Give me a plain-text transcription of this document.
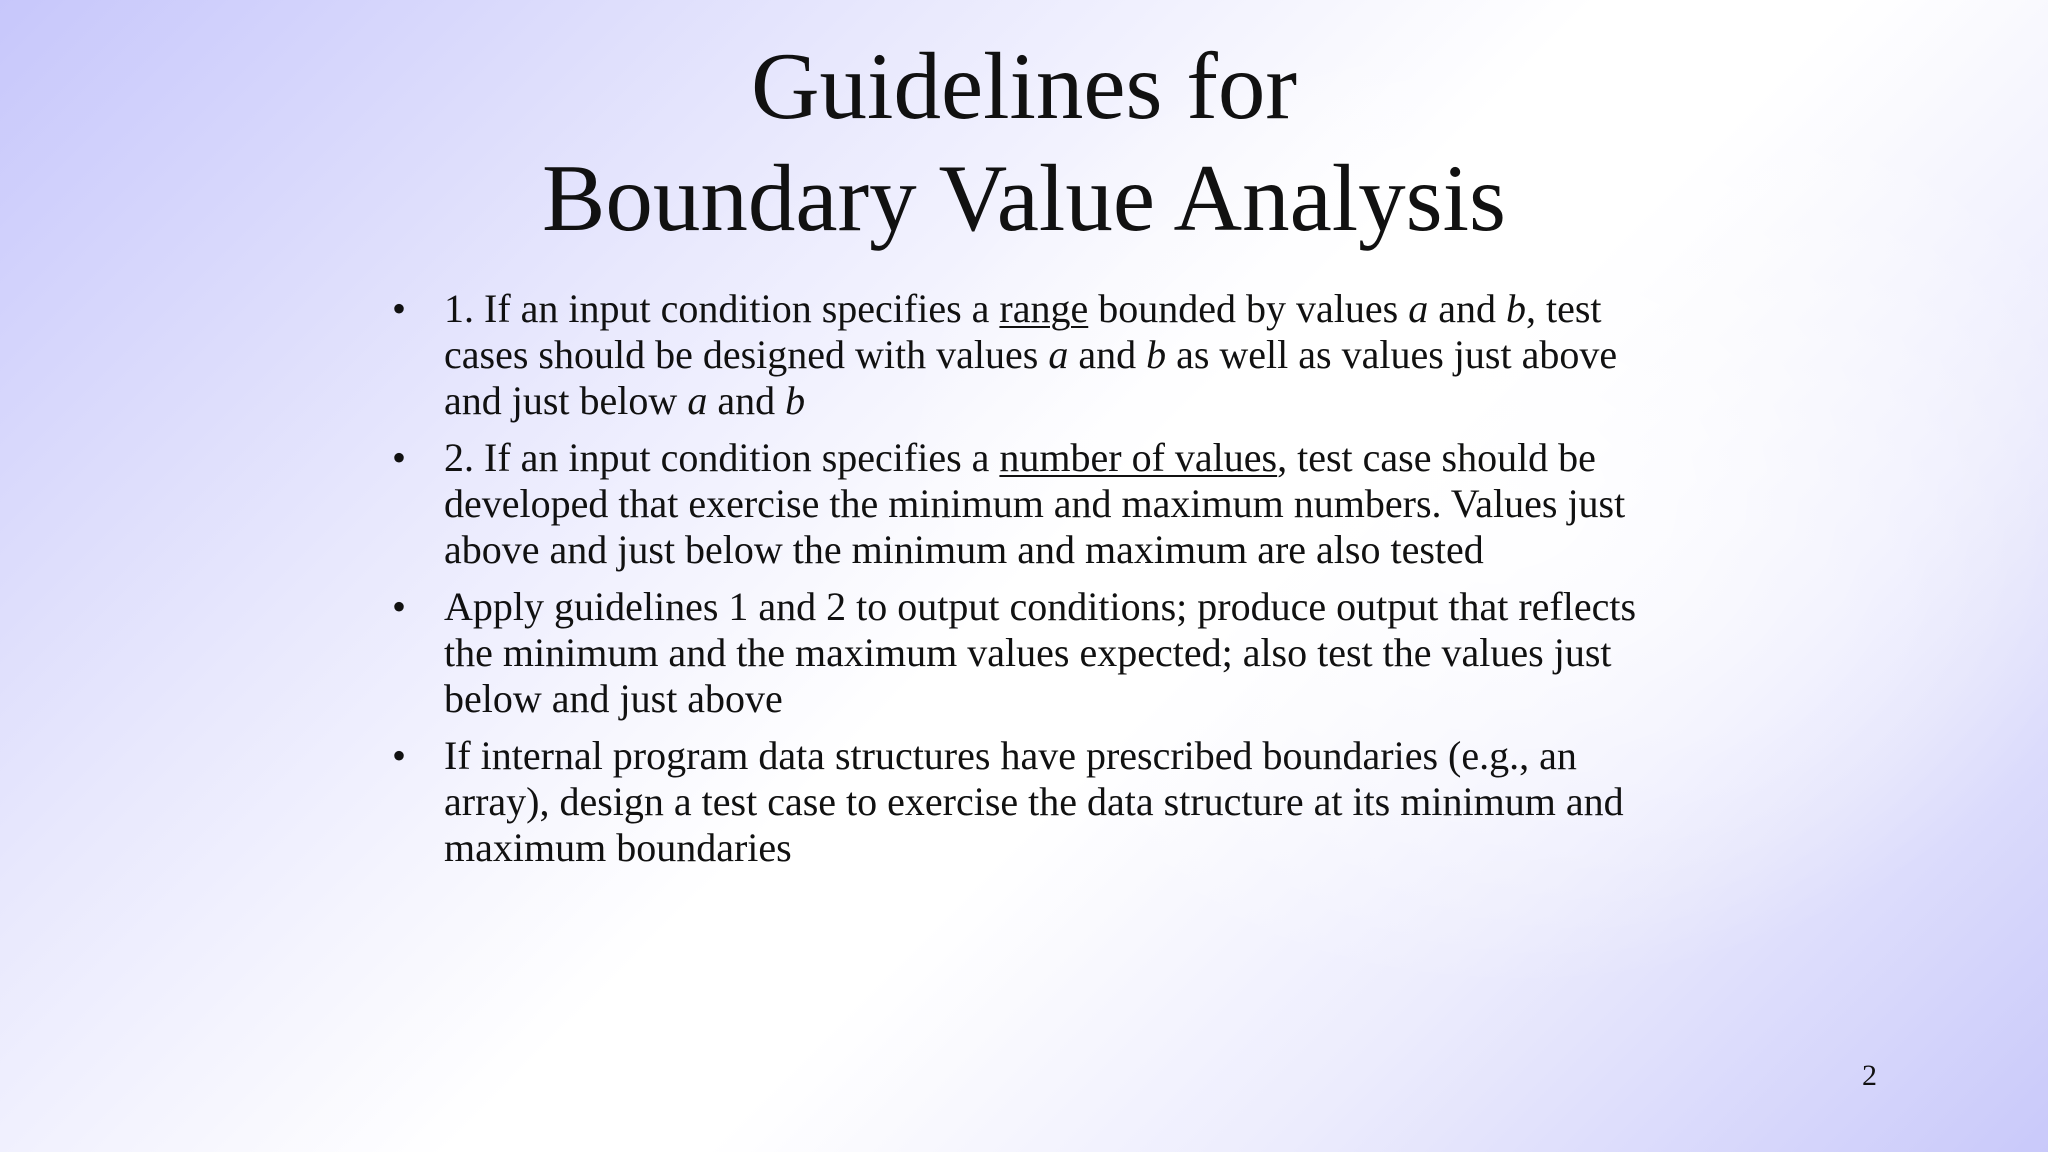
Guidelines for
Boundary Value Analysis
• 1. If an input condition specifies a range bounded by values a and b, test cases should be designed with values a and b as well as values just above and just below a and b
• 2. If an input condition specifies a number of values, test case should be developed that exercise the minimum and maximum numbers. Values just above and just below the minimum and maximum are also tested
• Apply guidelines 1 and 2 to output conditions; produce output that reflects the minimum and the maximum values expected; also test the values just below and just above
• If internal program data structures have prescribed boundaries (e.g., an array), design a test case to exercise the data structure at its minimum and maximum boundaries
2
